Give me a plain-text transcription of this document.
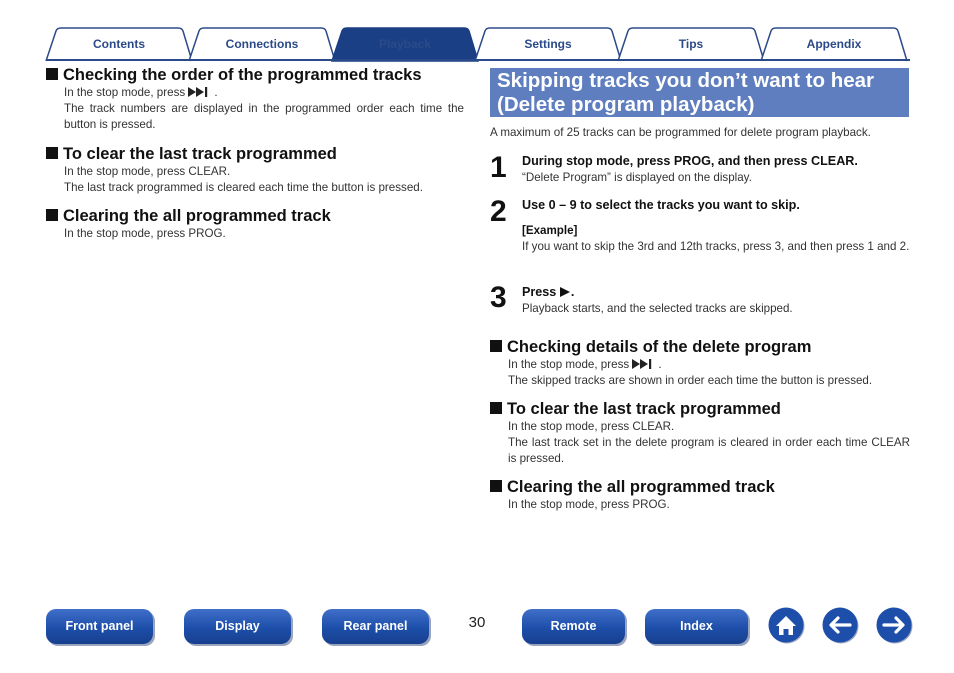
Contents	Connections	Playback	Settings	Tips	Appendix
Checking the order of the programmed tracks
In the stop mode, press .
The track numbers are displayed in the programmed order each time the button is pressed.
To clear the last track programmed
In the stop mode, press CLEAR.
The last track programmed is cleared each time the button is pressed.
Clearing the all programmed track
In the stop mode, press PROG.
Skipping tracks you don’t want to hear (Delete program playback)
A maximum of 25 tracks can be programmed for delete program playback.
1 During stop mode, press PROG, and then press CLEAR.
“Delete Program” is displayed on the display.
2 Use 0 – 9 to select the tracks you want to skip.
[Example]
If you want to skip the 3rd and 12th tracks, press 3, and then press 1 and 2.
3 Press .
Playback starts, and the selected tracks are skipped.
Checking details of the delete program
In the stop mode, press .
The skipped tracks are shown in order each time the button is pressed.
To clear the last track programmed
In the stop mode, press CLEAR.
The last track set in the delete program is cleared in order each time CLEAR is pressed.
Clearing the all programmed track
In the stop mode, press PROG.
Front panel	Display	Rear panel	30	Remote	Index
